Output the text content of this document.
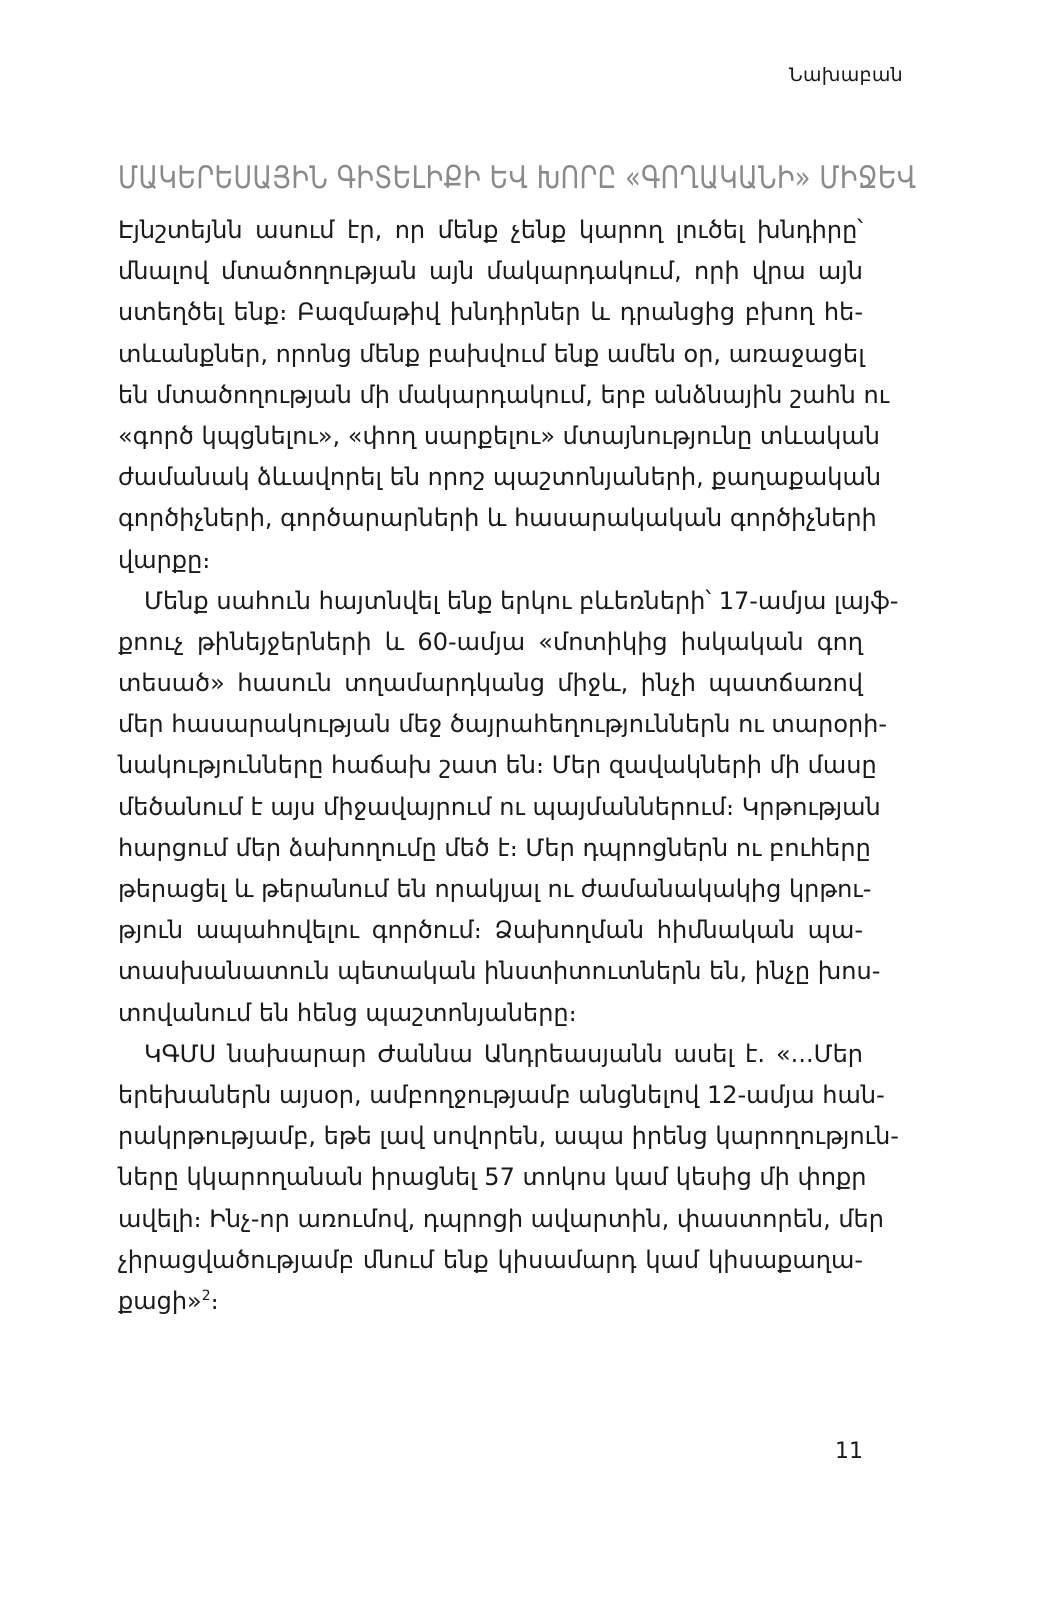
Նախաբան
ՄԱԿԵՐԵՍԱՅԻՆ ԳԻՏԵԼԻՔԻ ԵՎ ԽՈՐԸ «ԳՈՂԱԿԱՆԻ» ՄԻՋԵՎ
Էյնշտեյնն ասում էր, որ մենք չենք կարող լուծել խնդիրը՝
մնալով մտածողության այն մակարդակում, որի վրա այն
ստեղծել ենք։ Բազմաթիվ խնդիրներ և դրանցից բխող հե-
տևանքներ, որոնց մենք բախվում ենք ամեն օր, առաջացել
են մտածողության մի մակարդակում, երբ անձնային շահն ու
«գործ կպցնելու», «փող սարքելու» մտայնությունը տևական
ժամանակ ձևավորել են որոշ պաշտոնյաների, քաղաքական
գործիչների, գործարարների և հասարակական գործիչների
վարքը։
Մենք սահուն հայտնվել ենք երկու բևեռների՝ 17-ամյա լայֆ-
քոուչ թինեյջերների և 60-ամյա «մոտիկից իսկական գող
տեսած» հասուն տղամարդկանց միջև, ինչի պատճառով
մեր հասարակության մեջ ծայրահեղություններն ու տարօրի-
նակությունները հաճախ շատ են։ Մեր զավակների մի մասը
մեծանում է այս միջավայրում ու պայմաններում։ Կրթության
հարցում մեր ձախողումը մեծ է։ Մեր դպրոցներն ու բուհերը
թերացել և թերանում են որակյալ ու ժամանակակից կրթու-
թյուն ապահովելու գործում։ Ձախողման հիմնական պա-
տասխանատուն պետական ինստիտուտներն են, ինչը խոս-
տովանում են հենց պաշտոնյաները։
ԿԳՄՍ նախարար Ժաննա Անդրեասյանն ասել է. «...Մեր
երեխաներն այսօր, ամբողջությամբ անցնելով 12-ամյա հան-
րակրթությամբ, եթե լավ սովորեն, ապա իրենց կարողություն-
ները կկարողանան իրացնել 57 տոկոս կամ կեսից մի փոքր
ավելի։ Ինչ-որ առումով, դպրոցի ավարտին, փաստորեն, մեր
չիրացվածությամբ մնում ենք կիսամարդ կամ կիսաքաղա-
քացի»$^2$։
11
